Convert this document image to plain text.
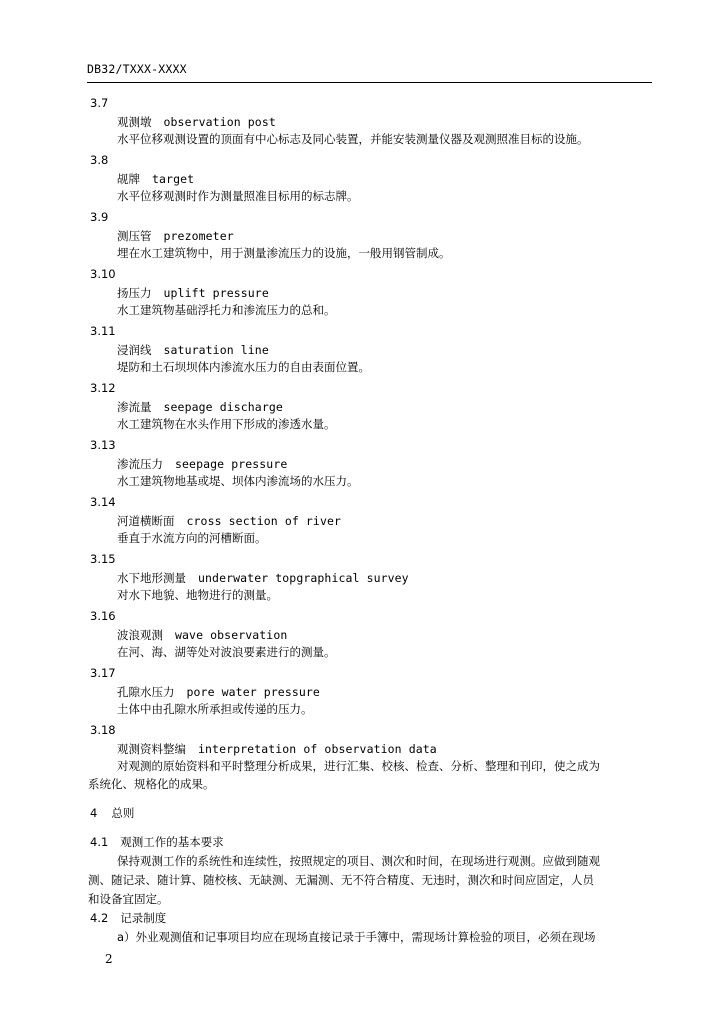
DB32/TXXX-XXXX
3.7
观测墩 observation post
水平位移观测设置的顶面有中心标志及同心装置，并能安装测量仪器及观测照准目标的设施。
3.8
觇牌 target
水平位移观测时作为测量照准目标用的标志牌。
3.9
测压管 prezometer
埋在水工建筑物中，用于测量渗流压力的设施，一般用钢管制成。
3.10
扬压力 uplift pressure
水工建筑物基础浮托力和渗流压力的总和。
3.11
浸润线 saturation line
堤防和土石坝坝体内渗流水压力的自由表面位置。
3.12
渗流量 seepage discharge
水工建筑物在水头作用下形成的渗透水量。
3.13
渗流压力 seepage pressure
水工建筑物地基或堤、坝体内渗流场的水压力。
3.14
河道横断面 cross section of river
垂直于水流方向的河槽断面。
3.15
水下地形测量 underwater topgraphical survey
对水下地貌、地物进行的测量。
3.16
波浪观测 wave observation
在河、海、湖等处对波浪要素进行的测量。
3.17
孔隙水压力 pore water pressure
土体中由孔隙水所承担或传递的压力。
3.18
观测资料整编 interpretation of observation data
对观测的原始资料和平时整理分析成果，进行汇集、校核、检查、分析、整理和刊印，使之成为
系统化、规格化的成果。
4 总则
4.1 观测工作的基本要求
保持观测工作的系统性和连续性，按照规定的项目、测次和时间，在现场进行观测。应做到随观
测、随记录、随计算、随校核、无缺测、无漏测、无不符合精度、无违时，测次和时间应固定，人员
和设备宜固定。
4.2 记录制度
a）外业观测值和记事项目均应在现场直接记录于手簿中，需现场计算检验的项目，必须在现场
2
